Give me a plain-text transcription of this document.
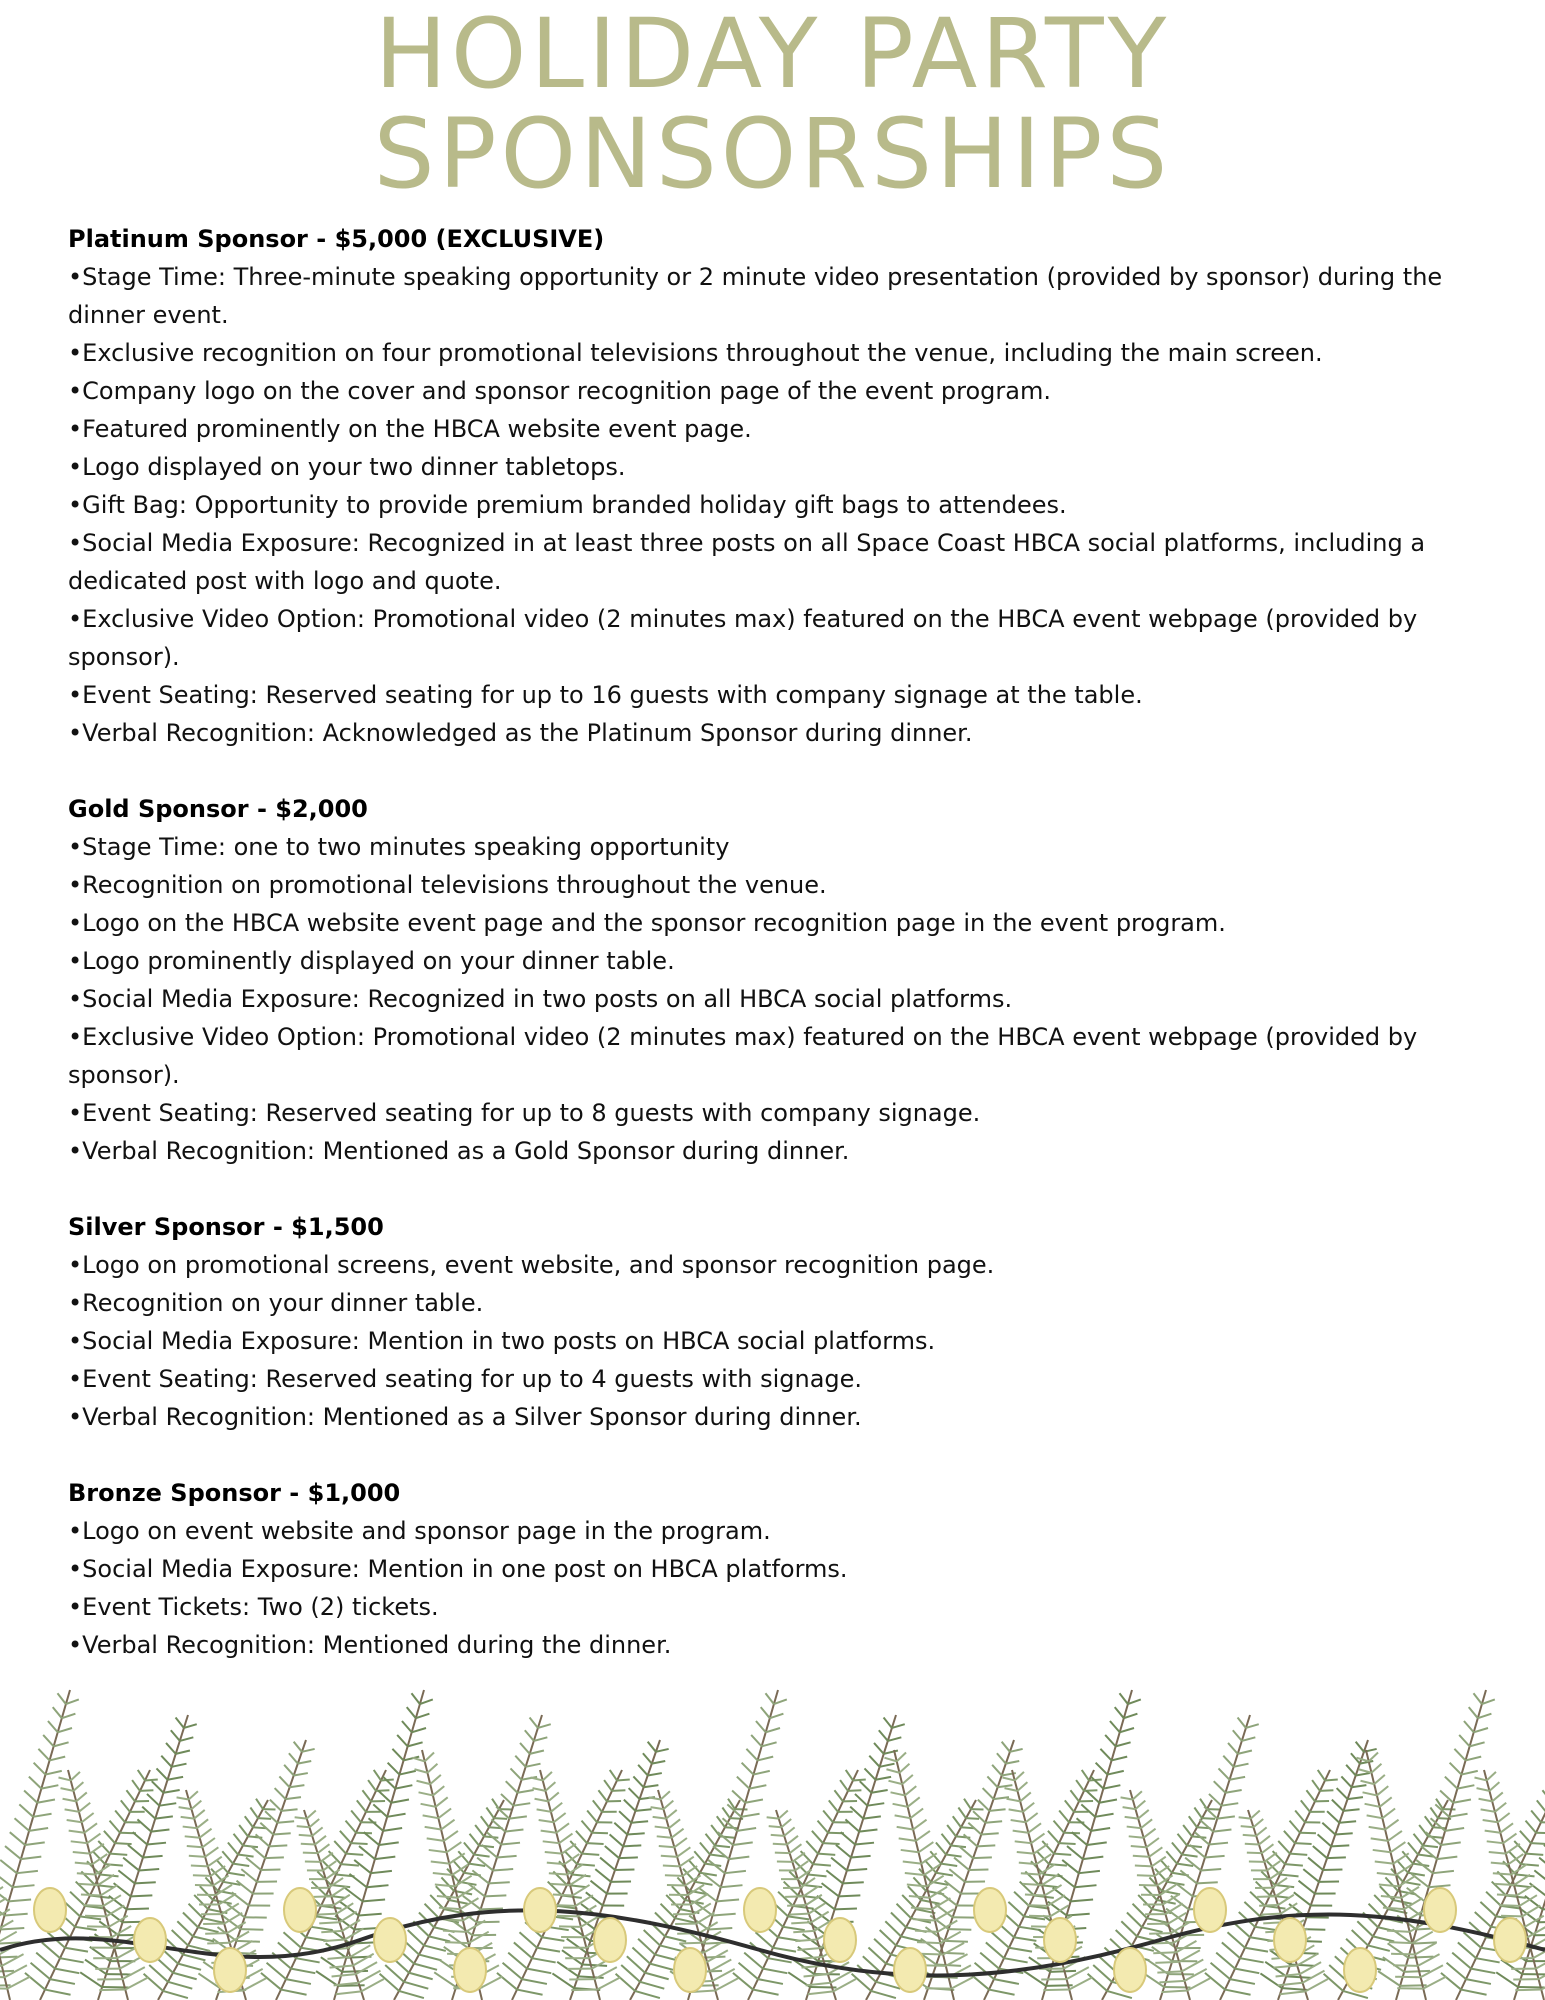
HOLIDAY PARTY
SPONSORSHIPS
Platinum Sponsor - $5,000 (EXCLUSIVE)
• Stage Time: Three-minute speaking opportunity or 2 minute video presentation (provided by sponsor) during the dinner event.
• Exclusive recognition on four promotional televisions throughout the venue, including the main screen.
• Company logo on the cover and sponsor recognition page of the event program.
• Featured prominently on the HBCA website event page.
• Logo displayed on your two dinner tabletops.
• Gift Bag: Opportunity to provide premium branded holiday gift bags to attendees.
• Social Media Exposure: Recognized in at least three posts on all Space Coast HBCA social platforms, including a dedicated post with logo and quote.
• Exclusive Video Option: Promotional video (2 minutes max) featured on the HBCA event webpage (provided by sponsor).
• Event Seating: Reserved seating for up to 16 guests with company signage at the table.
• Verbal Recognition: Acknowledged as the Platinum Sponsor during dinner.
Gold Sponsor - $2,000
• Stage Time: one to two minutes speaking opportunity
• Recognition on promotional televisions throughout the venue.
• Logo on the HBCA website event page and the sponsor recognition page in the event program.
• Logo prominently displayed on your dinner table.
• Social Media Exposure: Recognized in two posts on all HBCA social platforms.
• Exclusive Video Option: Promotional video (2 minutes max) featured on the HBCA event webpage (provided by sponsor).
• Event Seating: Reserved seating for up to 8 guests with company signage.
• Verbal Recognition: Mentioned as a Gold Sponsor during dinner.
Silver Sponsor - $1,500
• Logo on promotional screens, event website, and sponsor recognition page.
• Recognition on your dinner table.
• Social Media Exposure: Mention in two posts on HBCA social platforms.
• Event Seating: Reserved seating for up to 4 guests with signage.
• Verbal Recognition: Mentioned as a Silver Sponsor during dinner.
Bronze Sponsor - $1,000
• Logo on event website and sponsor page in the program.
• Social Media Exposure: Mention in one post on HBCA platforms.
• Event Tickets: Two (2) tickets.
• Verbal Recognition: Mentioned during the dinner.
